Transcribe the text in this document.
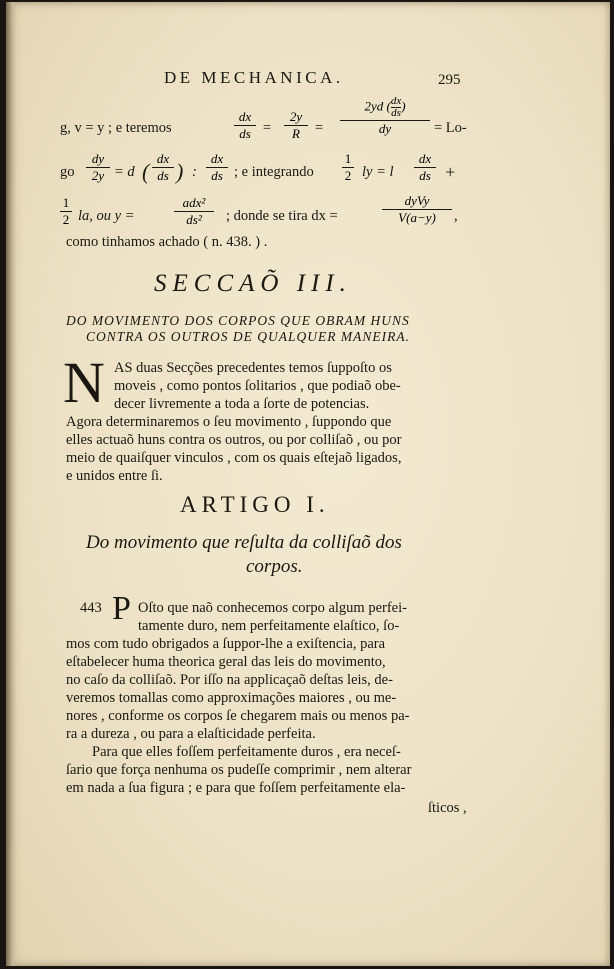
DE MECHANICA.	295
g, v = y ; e teremos
dx
ds =
2y
R =
2yd ($\frac{dx}{ds}$ )
dy	= Lo-
go
dy
2y = d (
dx
ds ) :
dx
ds ; e integrando
1
2 ly = l
dx
ds +
1
2 la, ou y =
adx²
ds²	; donde se tira dx =
dyVy
V(a−y)	,
como tinhamos achado ( n. 438. ) .
SECCAÕ III.
DO MOVIMENTO DOS CORPOS QUE OBRAM HUNS
CONTRA OS OUTROS DE QUALQUER MANEIRA.
N AS duas Secções precedentes temos ſuppoſto os
moveis , como pontos ſolitarios , que podiaõ obe-
decer livremente a toda a ſorte de potencias.
Agora determinaremos o ſeu movimento , ſuppondo que
elles actuaõ huns contra os outros, ou por colliſaõ , ou por
meio de quaiſquer vinculos , com os quais eſtejaõ ligados,
e unidos entre ſi.
ARTIGO I.
Do movimento que reſulta da colliſaõ dos
corpos.
443 P Oſto que naõ conhecemos corpo algum perfei-
tamente duro, nem perfeitamente elaſtico, ſo-
mos com tudo obrigados a ſuppor-lhe a exiſtencia, para
eſtabelecer huma theorica geral das leis do movimento,
no caſo da colliſaõ. Por iſſo na applicaçaõ deſtas leis, de-
veremos tomallas como approximações maiores , ou me-
nores , conforme os corpos ſe chegarem mais ou menos pa-
ra a dureza , ou para a elaſticidade perfeita.
Para que elles foſſem perfeitamente duros , era neceſ-
ſario que força nenhuma os pudeſſe comprimir , nem alterar
em nada a ſua figura ; e para que foſſem perfeitamente ela-
ſticos ,
